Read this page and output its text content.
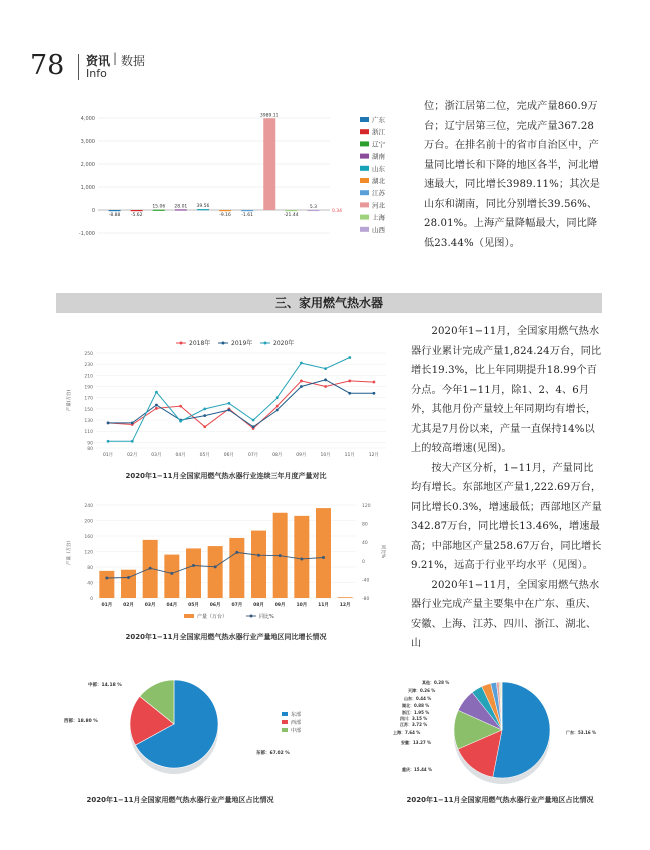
78 资讯 | 数据
Info
4,000
3,000
2,000
1,000
0
-1,000
-8.88 -5.62
15.06 28.01 39.56
-9.16 -1.61
3989.11
-21.44
5.3
0.34
广东
浙江
辽宁
湖南
山东
湖北
江苏
河北
上海
山西

位；浙江居第二位，完成产量860.9万台；辽宁居第三位，完成产量367.28万台。在排名前十的省市自治区中，产量同比增长和下降的地区各半，河北增速最大，同比增长3989.11%；其次是山东和湖南，同比分别增长39.56%、28.01%。上海产量降幅最大，同比降低23.44%（见图）。

三、家用燃气热水器

2020年1−11月，全国家用燃气热水器行业累计完成产量1,824.24万台，同比增长19.3%，比上年同期提升18.99个百分点。今年1−11月，除1、2、4、6月外，其他月份产量较上年同期均有增长，尤其是7月份以来，产量一直保持14%以上的较高增速(见图)。

按大产区分析，1−11月，产量同比均有增长。东部地区产量1,222.69万台，同比增长0.3%，增速最低；西部地区产量342.87万台，同比增长13.46%，增速最高；中部地区产量258.67万台，同比增长9.21%，远高于行业平均水平（见图）。

2020年1−11月，全国家用燃气热水器行业完成产量主要集中在广东、重庆、安徽、上海、江苏、四川、浙江、湖北、山

250
230
210
190
170
150
130
110
90
80
产量(万台)
01月	02月	03月	04月	05月	06月	07月	08月	09月	10月	11月	12月
2018年	2019年	2020年
2020年1−11月全国家用燃气热水器行业连续三年月度产量对比
240
200
160
120
80
40
0
120
80
40
0
-40
-80
产量（万台）	同比%
01月 02月 03月 04月 05月 06月 07月 08月 09月 10月 11月 12月
产量（万台）	同比%
2020年1−11月全国家用燃气热水器行业产量地区同比增长情况
东部：67.02 %
西部：18.80 %
中部：14.18 %
东部
西部
中部
2020年1−11月全国家用燃气热水器行业产量地区占比情况
广东：53.16 %
重庆：15.44 %
安徽：13.27 %
上海：7.64 %
江苏：3.72 %
四川：3.15 %
浙江：1.95 %
湖北：0.88 %
山东：0.44 %
天津：0.26 %
其他：0.28 %
2020年1−11月全国家用燃气热水器行业产量地区占比情况
